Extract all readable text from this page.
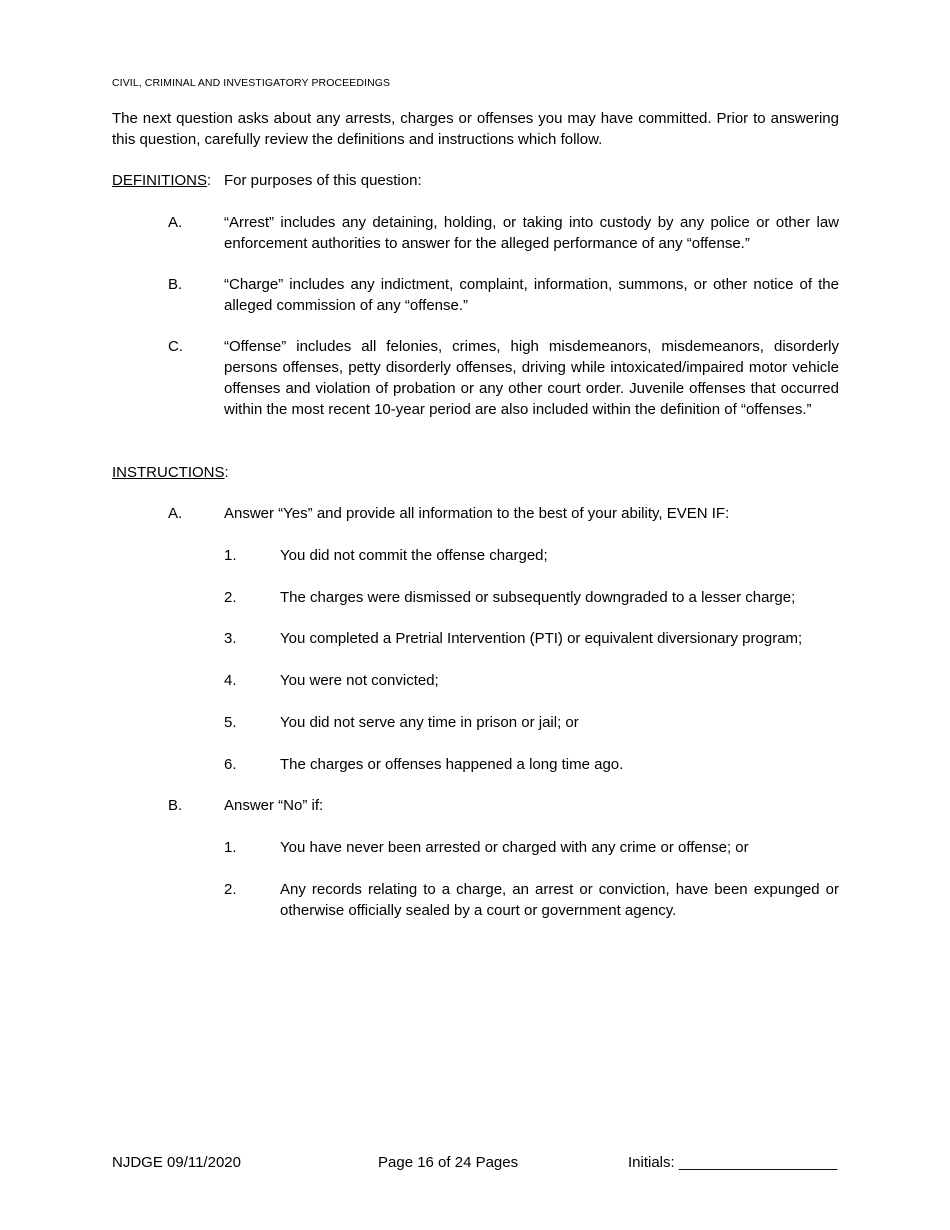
CIVIL, CRIMINAL AND INVESTIGATORY PROCEEDINGS
The next question asks about any arrests, charges or offenses you may have committed. Prior to answering this question, carefully review the definitions and instructions which follow.
DEFINITIONS: For purposes of this question:
A.	“Arrest” includes any detaining, holding, or taking into custody by any police or other law enforcement authorities to answer for the alleged performance of any “offense.”
B.	“Charge” includes any indictment, complaint, information, summons, or other notice of the alleged commission of any “offense.”
C.	“Offense” includes all felonies, crimes, high misdemeanors, misdemeanors, disorderly persons offenses, petty disorderly offenses, driving while intoxicated/impaired motor vehicle offenses and violation of probation or any other court order. Juvenile offenses that occurred within the most recent 10-year period are also included within the definition of “offenses.”
INSTRUCTIONS:
A.	Answer “Yes” and provide all information to the best of your ability, EVEN IF:
1.	You did not commit the offense charged;
2.	The charges were dismissed or subsequently downgraded to a lesser charge;
3.	You completed a Pretrial Intervention (PTI) or equivalent diversionary program;
4.	You were not convicted;
5.	You did not serve any time in prison or jail; or
6.	The charges or offenses happened a long time ago.
B.	Answer “No” if:
1.	You have never been arrested or charged with any crime or offense; or
2.	Any records relating to a charge, an arrest or conviction, have been expunged or otherwise officially sealed by a court or government agency.
NJDGE 09/11/2020	Page 16 of 24 Pages	Initials: ___________________
